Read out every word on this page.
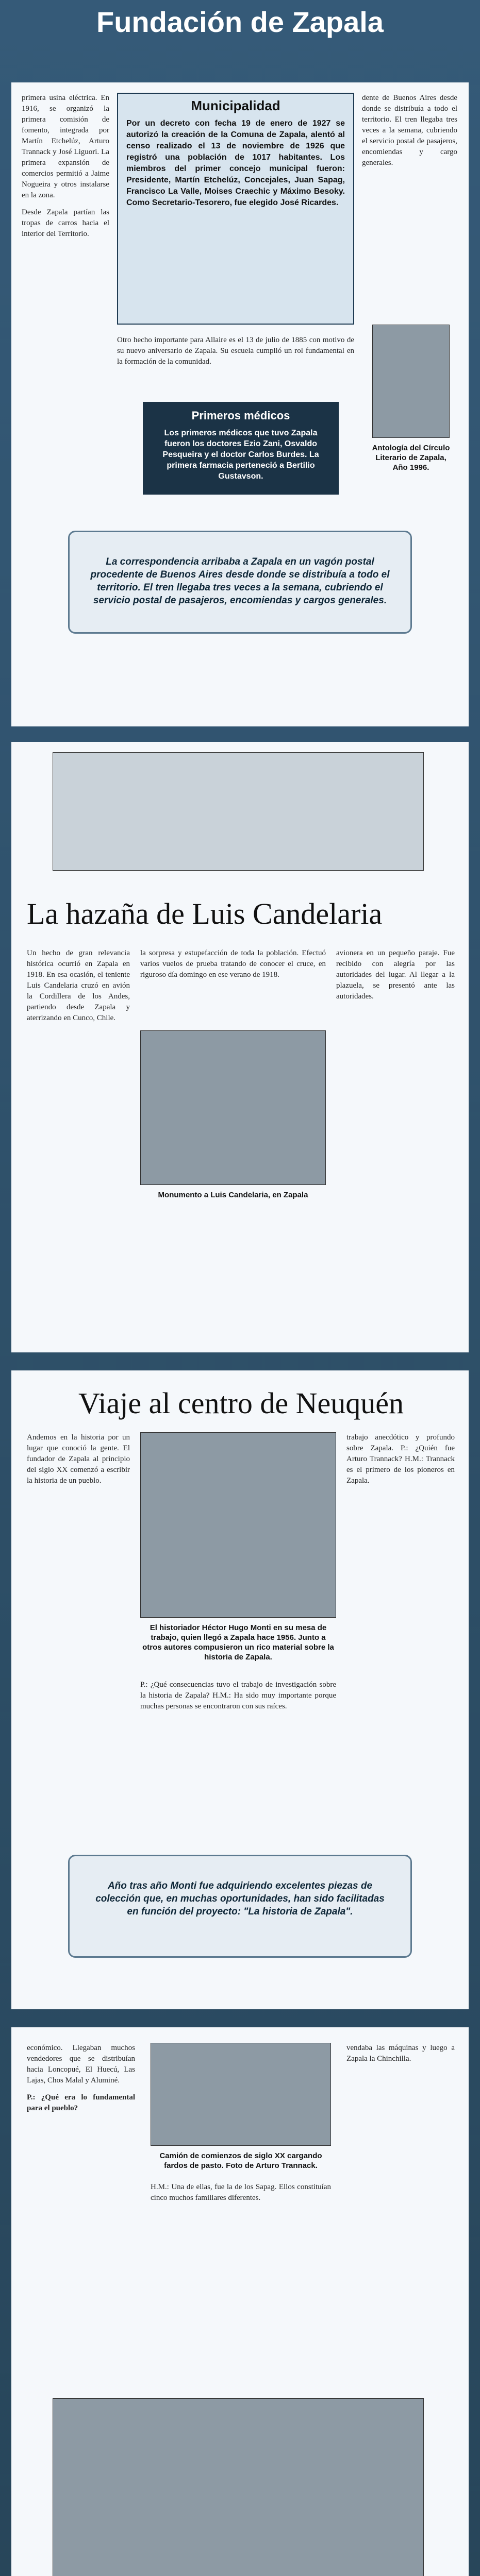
Fundación de Zapala

primera usina eléctrica. En 1916, se organizó la primera comisión de fomento, integrada por Martín Etchelúz, Arturo Trannack y José Liguori. La primera expansión de comercios permitió a Jaime Nogueira y otros instalarse en la zona.

Desde Zapala partían las tropas de carros hacia el interior del Territorio.

Municipalidad
Por un decreto con fecha 19 de enero de 1927 se autorizó la creación de la Comuna de Zapala, alentó al censo realizado el 13 de noviembre de 1926 que registró una población de 1017 habitantes. Los miembros del primer concejo municipal fueron: Presidente, Martín Etchelúz, Concejales, Juan Sapag, Francisco La Valle, Moises Craechic y Máximo Besoky. Como Secretario-Tesorero, fue elegido José Ricardes.

Otro hecho importante para Allaire es el 13 de julio de 1885 con motivo de su nuevo aniversario de Zapala. Su escuela cumplió un rol fundamental en la formación de la comunidad.

Primeros médicos

Los primeros médicos que tuvo Zapala fueron los doctores Ezio Zani, Osvaldo Pesqueira y el doctor Carlos Burdes. La primera farmacia perteneció a Bertilio Gustavson.

dente de Buenos Aires desde donde se distribuía a todo el territorio. El tren llegaba tres veces a la semana, cubriendo el servicio postal de pasajeros, encomiendas y cargo generales.

Antología del Círculo Literario de Zapala, Año 1996.

La correspondencia arribaba a Zapala en un vagón postal procedente de Buenos Aires desde donde se distribuía a todo el territorio. El tren llegaba tres veces a la semana, cubriendo el servicio postal de pasajeros, encomiendas y cargos generales.

La hazaña de Luis Candelaria

Un hecho de gran relevancia histórica ocurrió en Zapala en 1918. En esa ocasión, el teniente Luis Candelaria cruzó en avión la Cordillera de los Andes, partiendo desde Zapala y aterrizando en Cunco, Chile.

la sorpresa y estupefacción de toda la población. Efectuó varios vuelos de prueba tratando de conocer el cruce, en riguroso día domingo en ese verano de 1918.

Monumento a Luis Candelaria, en Zapala

avionera en un pequeño paraje. Fue recibido con alegría por las autoridades del lugar. Al llegar a la plazuela, se presentó ante las autoridades.

Viaje al centro de Neuquén

Andemos en la historia por un lugar que conoció la gente. El fundador de Zapala al principio del siglo XX comenzó a escribir la historia de un pueblo.

El historiador Héctor Hugo Monti en su mesa de trabajo, quien llegó a Zapala hace 1956. Junto a otros autores compusieron un rico material sobre la historia de Zapala.

P.: ¿Qué consecuencias tuvo el trabajo de investigación sobre la historia de Zapala? H.M.: Ha sido muy importante porque muchas personas se encontraron con sus raíces.

trabajo anecdótico y profundo sobre Zapala. P.: ¿Quién fue Arturo Trannack? H.M.: Trannack es el primero de los pioneros en Zapala.

Año tras año Monti fue adquiriendo excelentes piezas de colección que, en muchas oportunidades, han sido facilitadas en función del proyecto: "La historia de Zapala".

económico. Llegaban muchos vendedores que se distribuían hacia Loncopué, El Huecú, Las Lajas, Chos Malal y Aluminé.

P.: ¿Qué era lo fundamental para el pueblo?

Camión de comienzos de siglo XX cargando fardos de pasto. Foto de Arturo Trannack.

H.M.: Una de ellas, fue la de los Sapag. Ellos constituían cinco muchos familiares diferentes.

vendaba las máquinas y luego a Zapala la Chinchilla.
